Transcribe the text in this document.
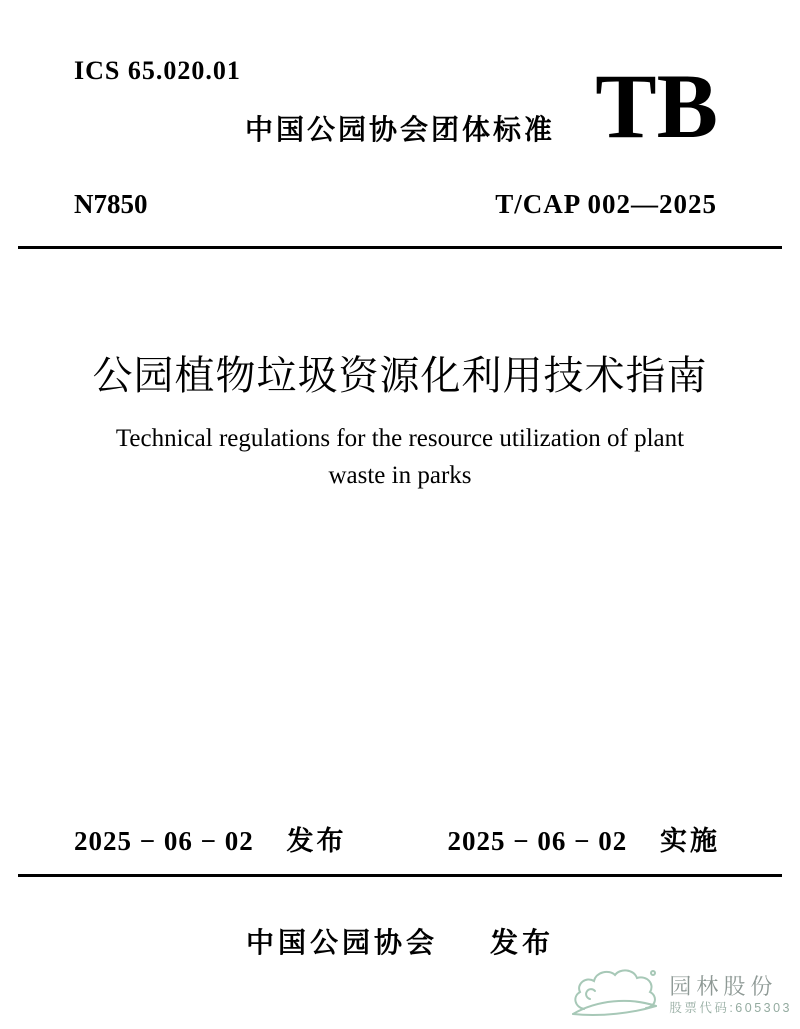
ICS 65.020.01
中国公园协会团体标准 TB
N7850	T/CAP 002—2025
公园植物垃圾资源化利用技术指南
Technical regulations for the resource utilization of plant
waste in parks
2025 − 06 − 02 发布	2025 − 06 − 02 实施
中国公园协会 发布
园林股份
股票代码:605303
